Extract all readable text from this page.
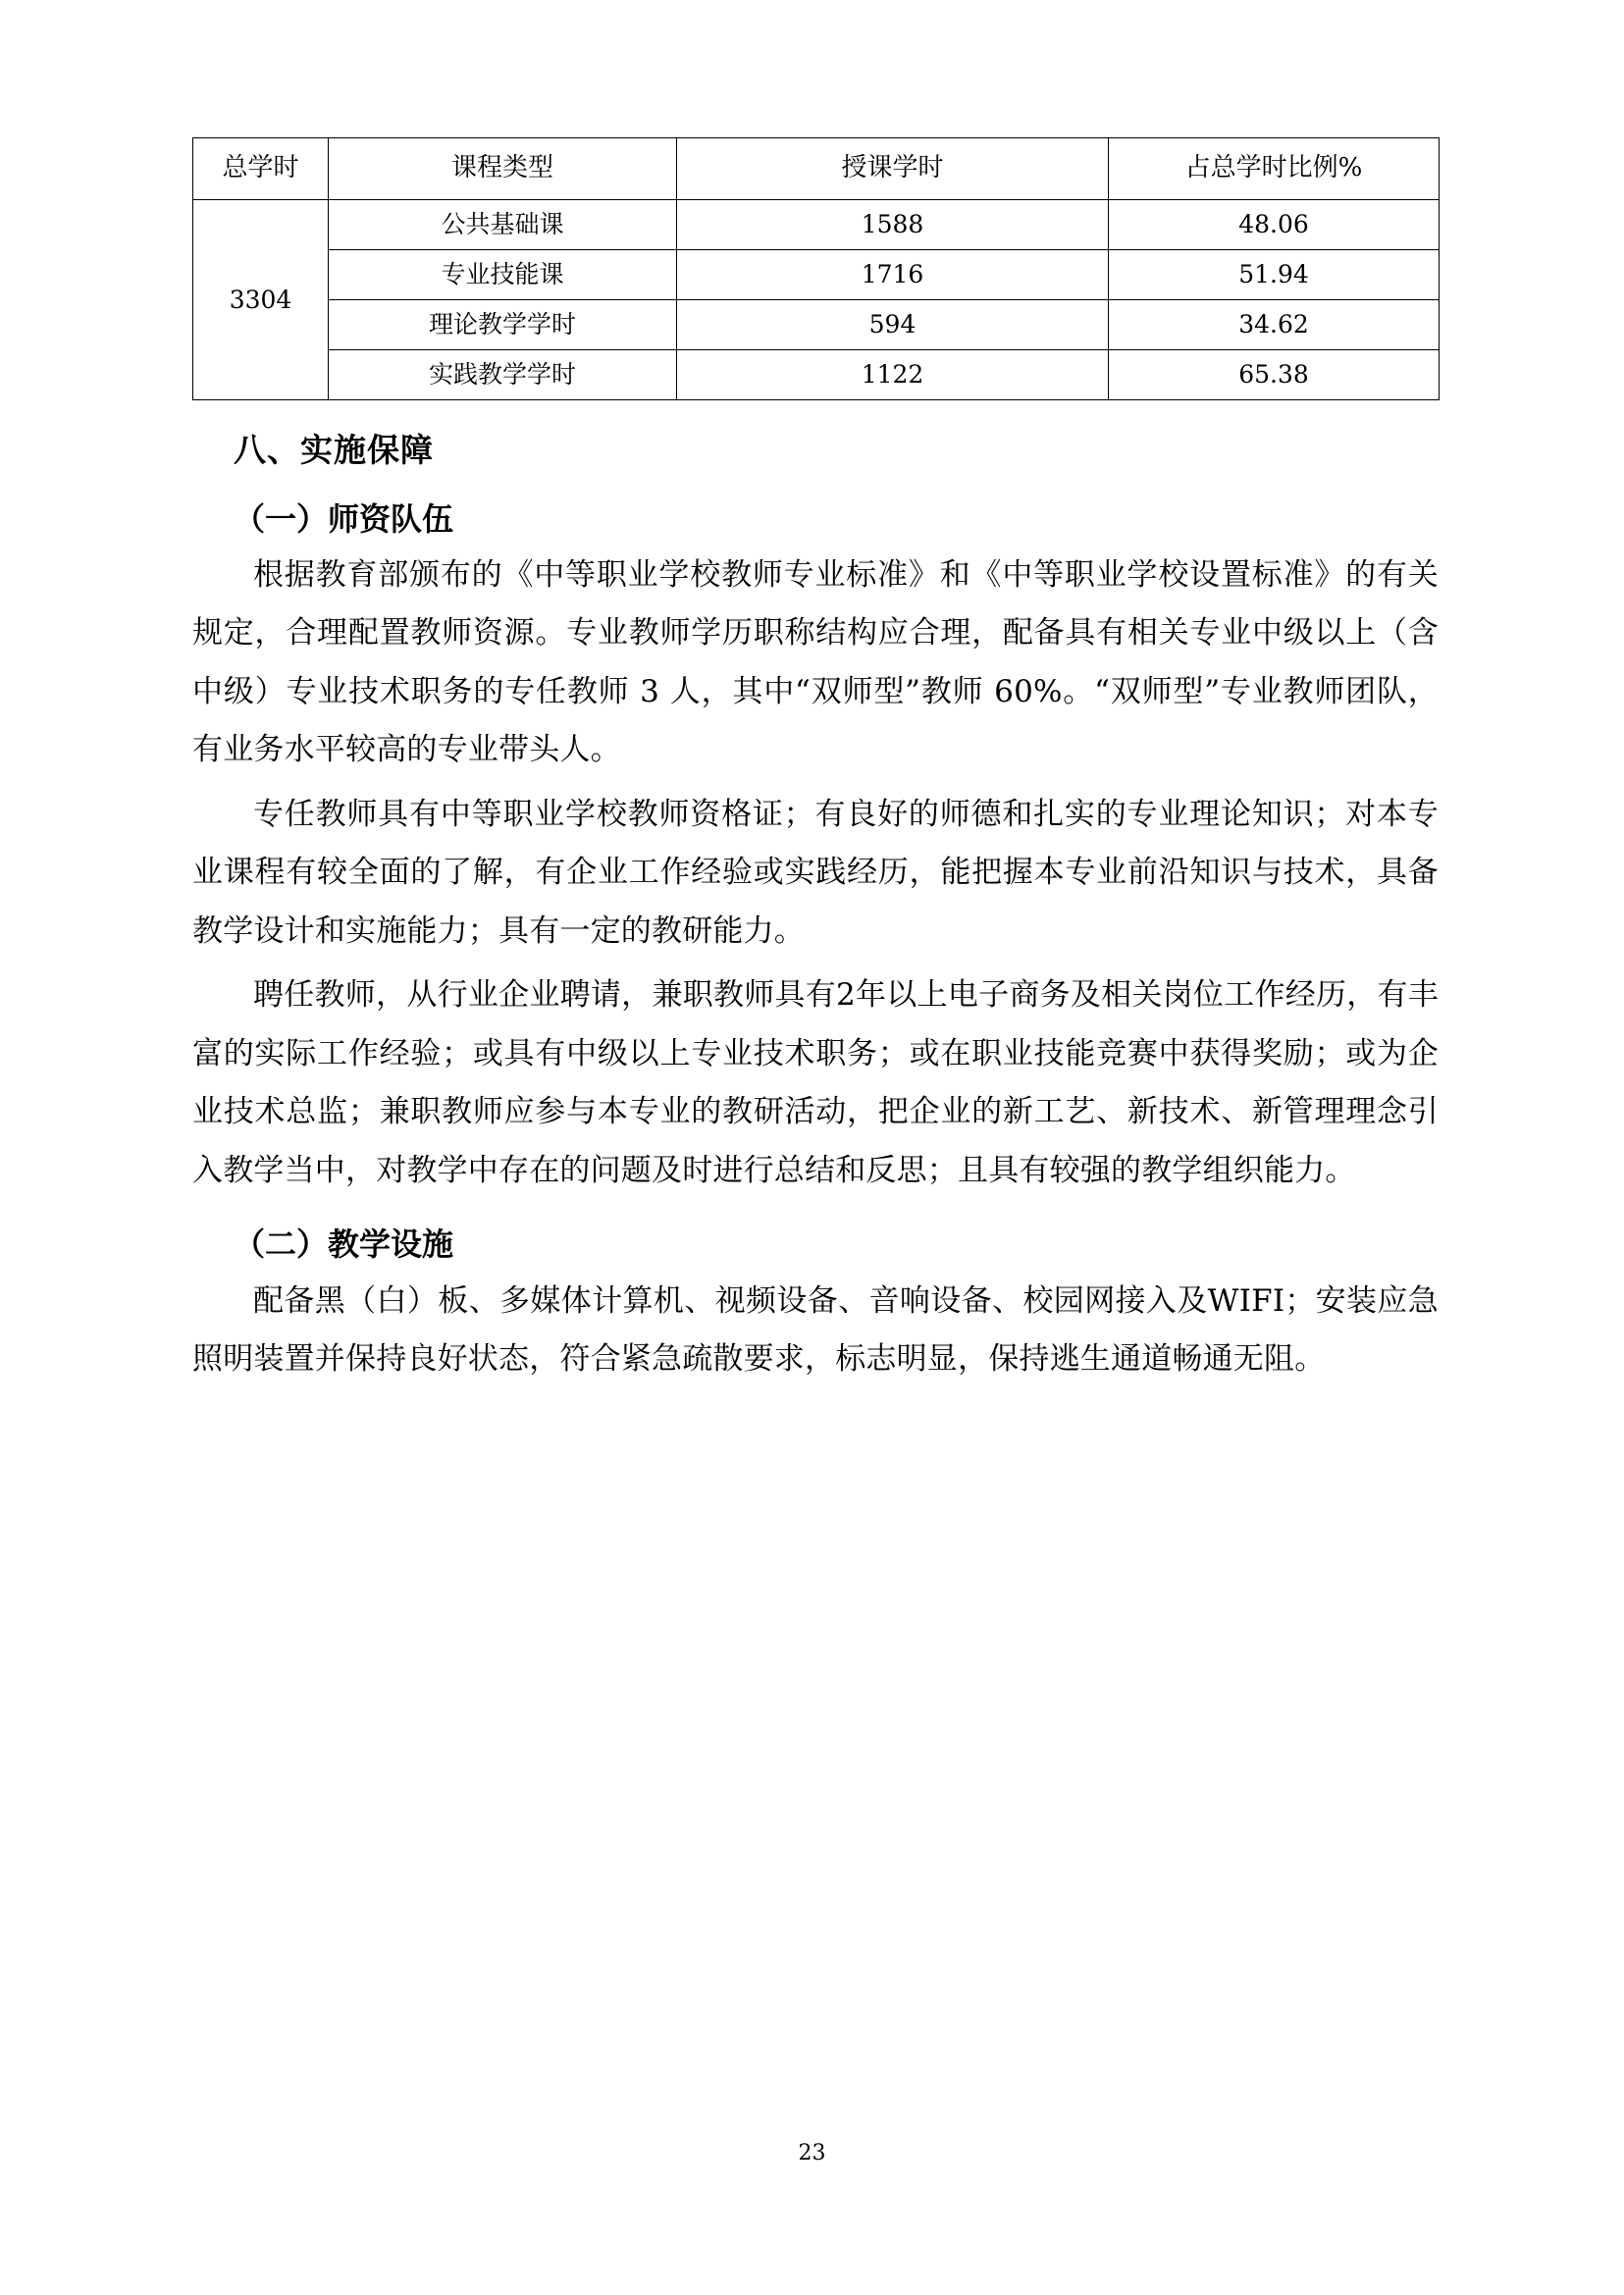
总学时	课程类型	授课学时	占总学时比例%
3304	公共基础课	1588	48.06
	专业技能课	1716	51.94
	理论教学学时	594	34.62
	实践教学学时	1122	65.38
八、实施保障
（一）师资队伍

根据教育部颁布的《中等职业学校教师专业标准》和《中等职业学校设置标准》的有关规定，合理配置教师资源。专业教师学历职称结构应合理，配备具有相关专业中级以上（含中级）专业技术职务的专任教师 3 人，其中“双师型”教师 60%。“双师型”专业教师团队，有业务水平较高的专业带头人。

专任教师具有中等职业学校教师资格证；有良好的师德和扎实的专业理论知识；对本专业课程有较全面的了解，有企业工作经验或实践经历，能把握本专业前沿知识与技术，具备教学设计和实施能力；具有一定的教研能力。

聘任教师，从行业企业聘请，兼职教师具有2年以上电子商务及相关岗位工作经历，有丰富的实际工作经验；或具有中级以上专业技术职务；或在职业技能竞赛中获得奖励；或为企业技术总监；兼职教师应参与本专业的教研活动，把企业的新工艺、新技术、新管理理念引入教学当中，对教学中存在的问题及时进行总结和反思；且具有较强的教学组织能力。

（二）教学设施

配备黑（白）板、多媒体计算机、视频设备、音响设备、校园网接入及WIFI；安装应急照明装置并保持良好状态，符合紧急疏散要求，标志明显，保持逃生通道畅通无阻。

23
